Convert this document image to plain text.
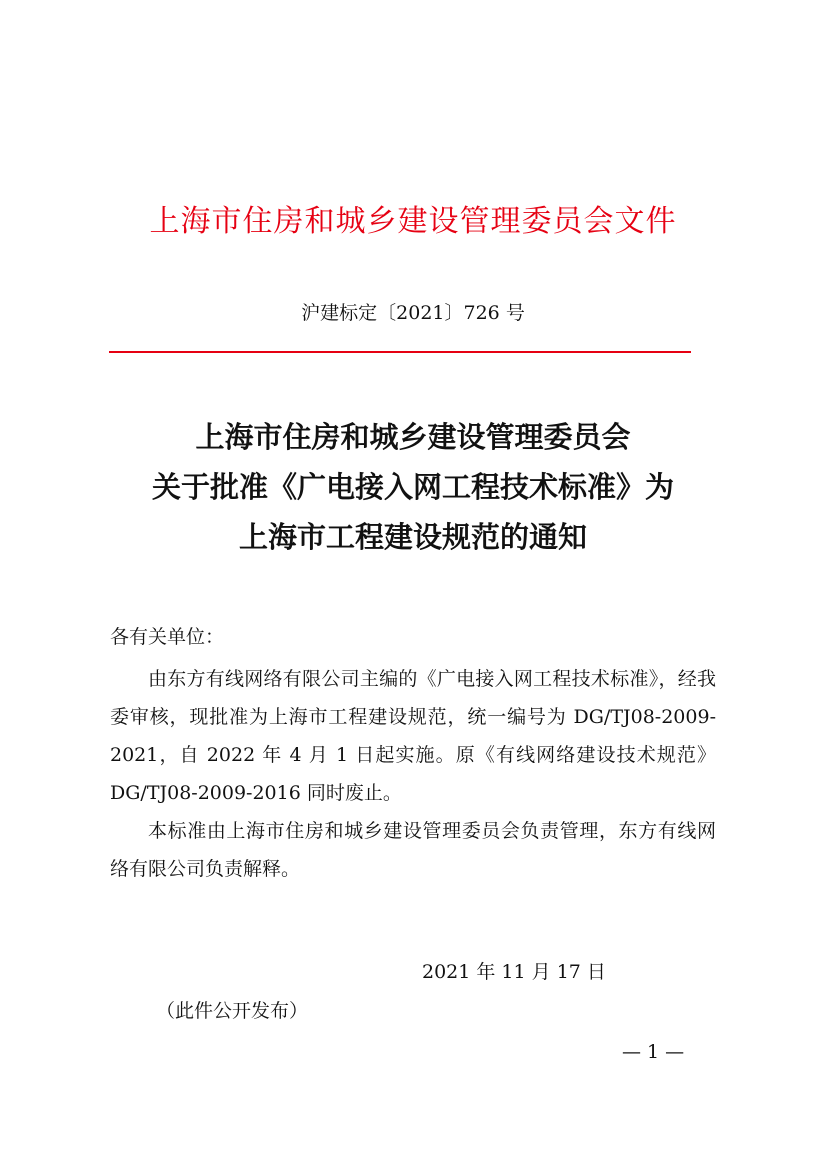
上海市住房和城乡建设管理委员会文件
沪建标定〔2021〕726 号
上海市住房和城乡建设管理委员会
关于批准《广电接入网工程技术标准》为
上海市工程建设规范的通知
各有关单位：

由东方有线网络有限公司主编的《广电接入网工程技术标准》，经我委审核，现批准为上海市工程建设规范，统一编号为 DG/TJ08-2009-2021，自 2022 年 4 月 1 日起实施。原《有线网络建设技术规范》DG/TJ08-2009-2016 同时废止。

本标准由上海市住房和城乡建设管理委员会负责管理，东方有线网络有限公司负责解释。

2021 年 11 月 17 日
（此件公开发布）
— 1 —
